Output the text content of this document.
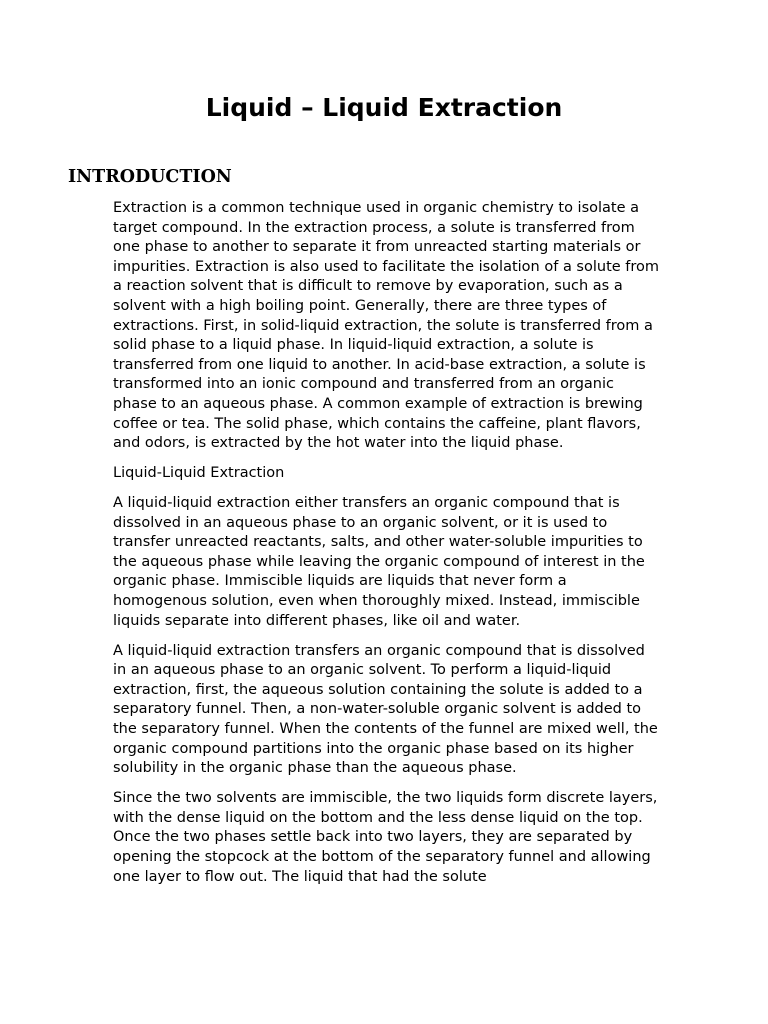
Liquid – Liquid Extraction
INTRODUCTION

Extraction is a common technique used in organic chemistry to isolate a target compound. In the extraction process, a solute is transferred from one phase to another to separate it from unreacted starting materials or impurities. Extraction is also used to facilitate the isolation of a solute from a reaction solvent that is difficult to remove by evaporation, such as a solvent with a high boiling point. Generally, there are three types of extractions. First, in solid-liquid extraction, the solute is transferred from a solid phase to a liquid phase. In liquid-liquid extraction, a solute is transferred from one liquid to another. In acid-base extraction, a solute is transformed into an ionic compound and transferred from an organic phase to an aqueous phase. A common example of extraction is brewing coffee or tea. The solid phase, which contains the caffeine, plant flavors, and odors, is extracted by the hot water into the liquid phase.

Liquid-Liquid Extraction

A liquid-liquid extraction either transfers an organic compound that is dissolved in an aqueous phase to an organic solvent, or it is used to transfer unreacted reactants, salts, and other water-soluble impurities to the aqueous phase while leaving the organic compound of interest in the organic phase. Immiscible liquids are liquids that never form a homogenous solution, even when thoroughly mixed. Instead, immiscible liquids separate into different phases, like oil and water.

A liquid-liquid extraction transfers an organic compound that is dissolved in an aqueous phase to an organic solvent. To perform a liquid-liquid extraction, first, the aqueous solution containing the solute is added to a separatory funnel. Then, a non-water-soluble organic solvent is added to the separatory funnel. When the contents of the funnel are mixed well, the organic compound partitions into the organic phase based on its higher solubility in the organic phase than the aqueous phase.

Since the two solvents are immiscible, the two liquids form discrete layers, with the dense liquid on the bottom and the less dense liquid on the top. Once the two phases settle back into two layers, they are separated by opening the stopcock at the bottom of the separatory funnel and allowing one layer to flow out. The liquid that had the solute
